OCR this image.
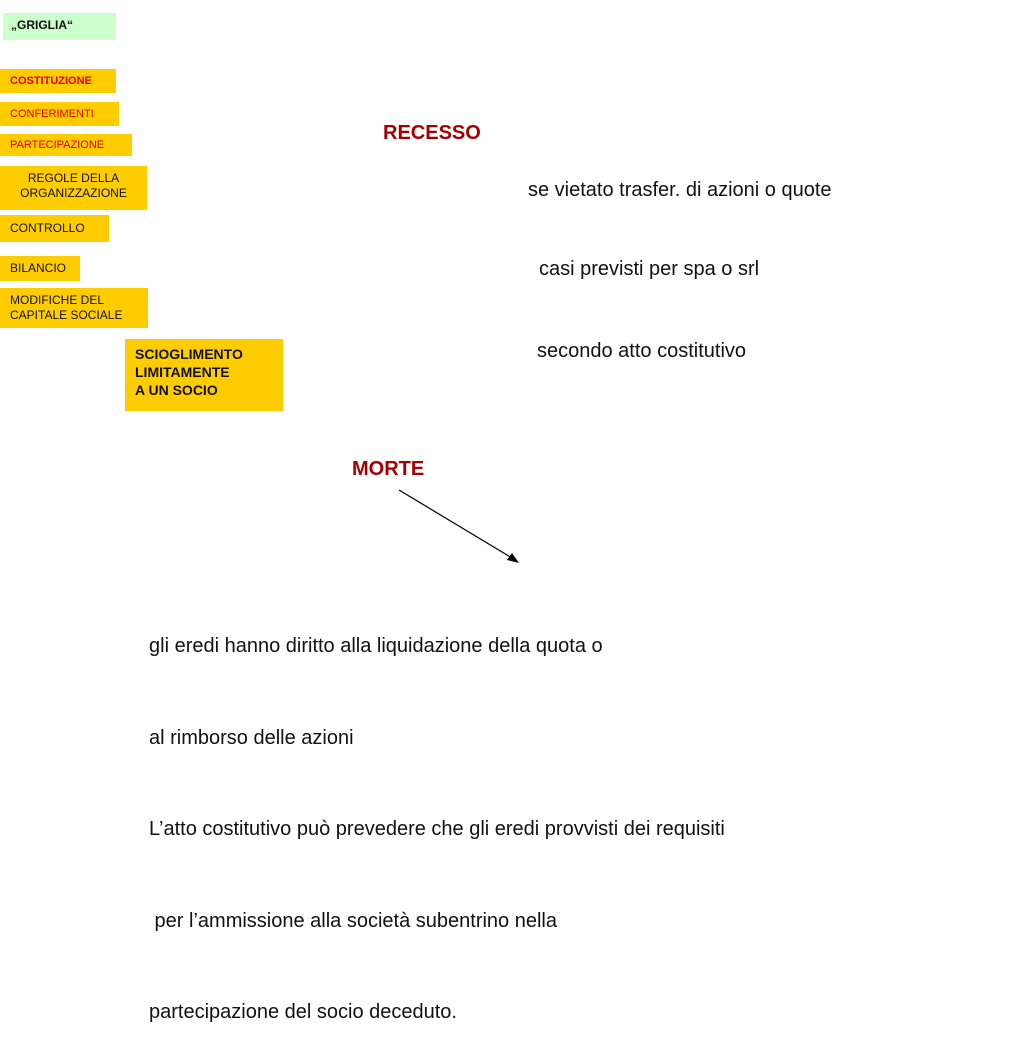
„GRIGLIA“
COSTITUZIONE
CONFERIMENTI
PARTECIPAZIONE
REGOLE DELLA
ORGANIZZAZIONE
CONTROLLO
BILANCIO
MODIFICHE DEL
CAPITALE SOCIALE
SCIOGLIMENTO
LIMITAMENTE
A UN SOCIO
RECESSO
se vietato trasfer. di azioni o quote
casi previsti per spa o srl
secondo atto costitutivo
MORTE

gli eredi hanno diritto alla liquidazione della quota o

al rimborso delle azioni

L’atto costitutivo può prevedere che gli eredi provvisti dei requisiti

per l’ammissione alla società subentrino nella

partecipazione del socio deceduto.
